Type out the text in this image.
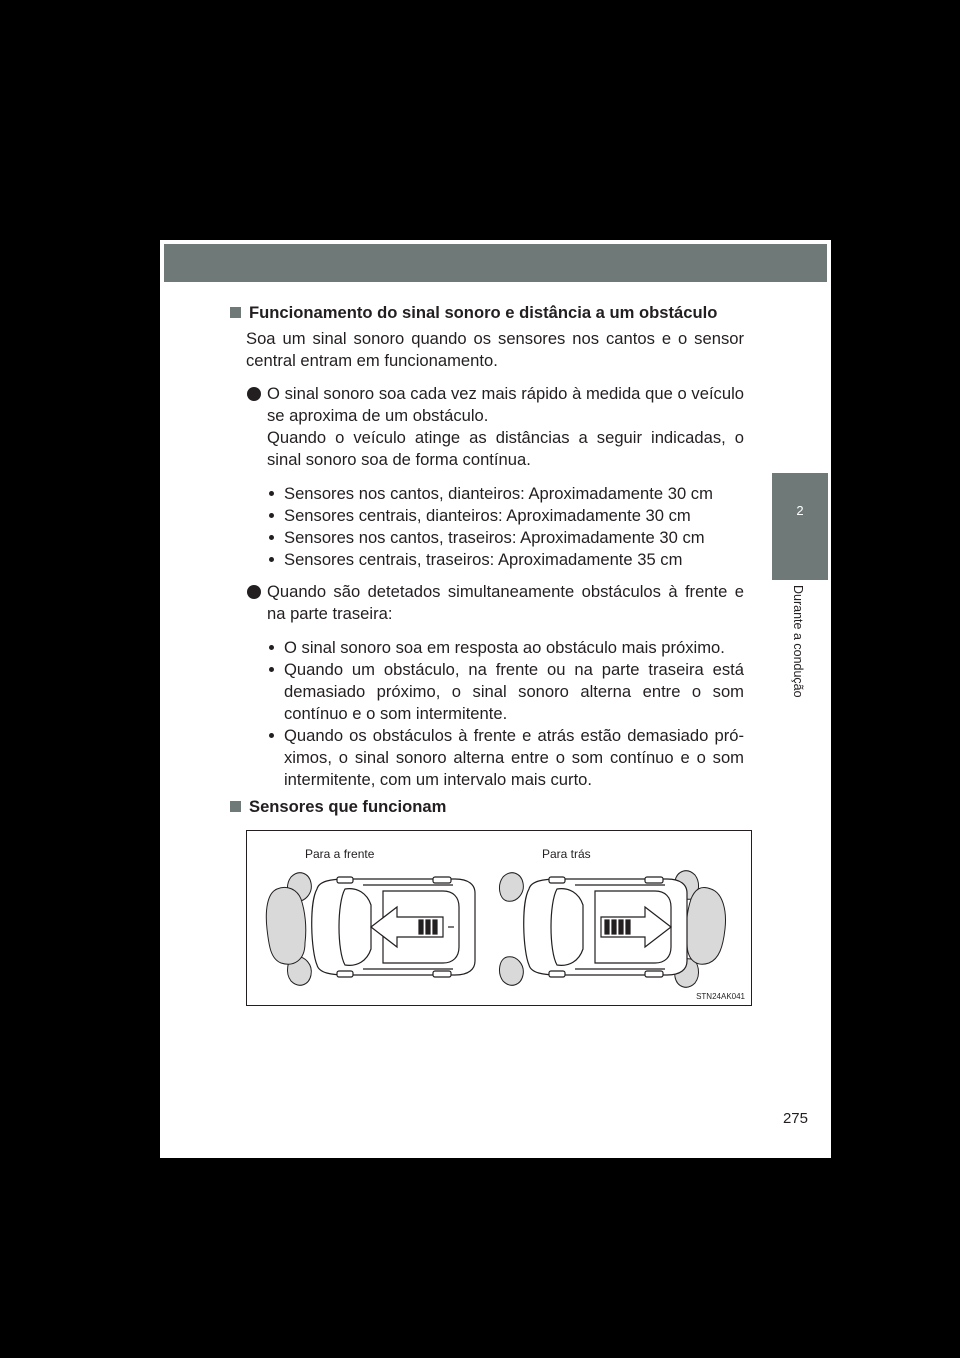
2
Durante a condução
Funcionamento do sinal sonoro e distância a um obstáculo
Soa um sinal sonoro quando os sensores nos cantos e o sensor
central entram em funcionamento.
O sinal sonoro soa cada vez mais rápido à medida que o veículo
se aproxima de um obstáculo.
Quando o veículo atinge as distâncias a seguir indicadas, o
sinal sonoro soa de forma contínua.
Sensores nos cantos, dianteiros: Aproximadamente 30 cm
Sensores centrais, dianteiros: Aproximadamente 30 cm
Sensores nos cantos, traseiros: Aproximadamente 30 cm
Sensores centrais, traseiros: Aproximadamente 35 cm
Quando são detetados simultaneamente obstáculos à frente e
na parte traseira:
O sinal sonoro soa em resposta ao obstáculo mais próximo.
Quando um obstáculo, na frente ou na parte traseira está
demasiado próximo, o sinal sonoro alterna entre o som
contínuo e o som intermitente.
Quando os obstáculos à frente e atrás estão demasiado pró-
ximos, o sinal sonoro alterna entre o som contínuo e o som
intermitente, com um intervalo mais curto.
Sensores que funcionam
Para a frente	Para trás
STN24AK041
275
